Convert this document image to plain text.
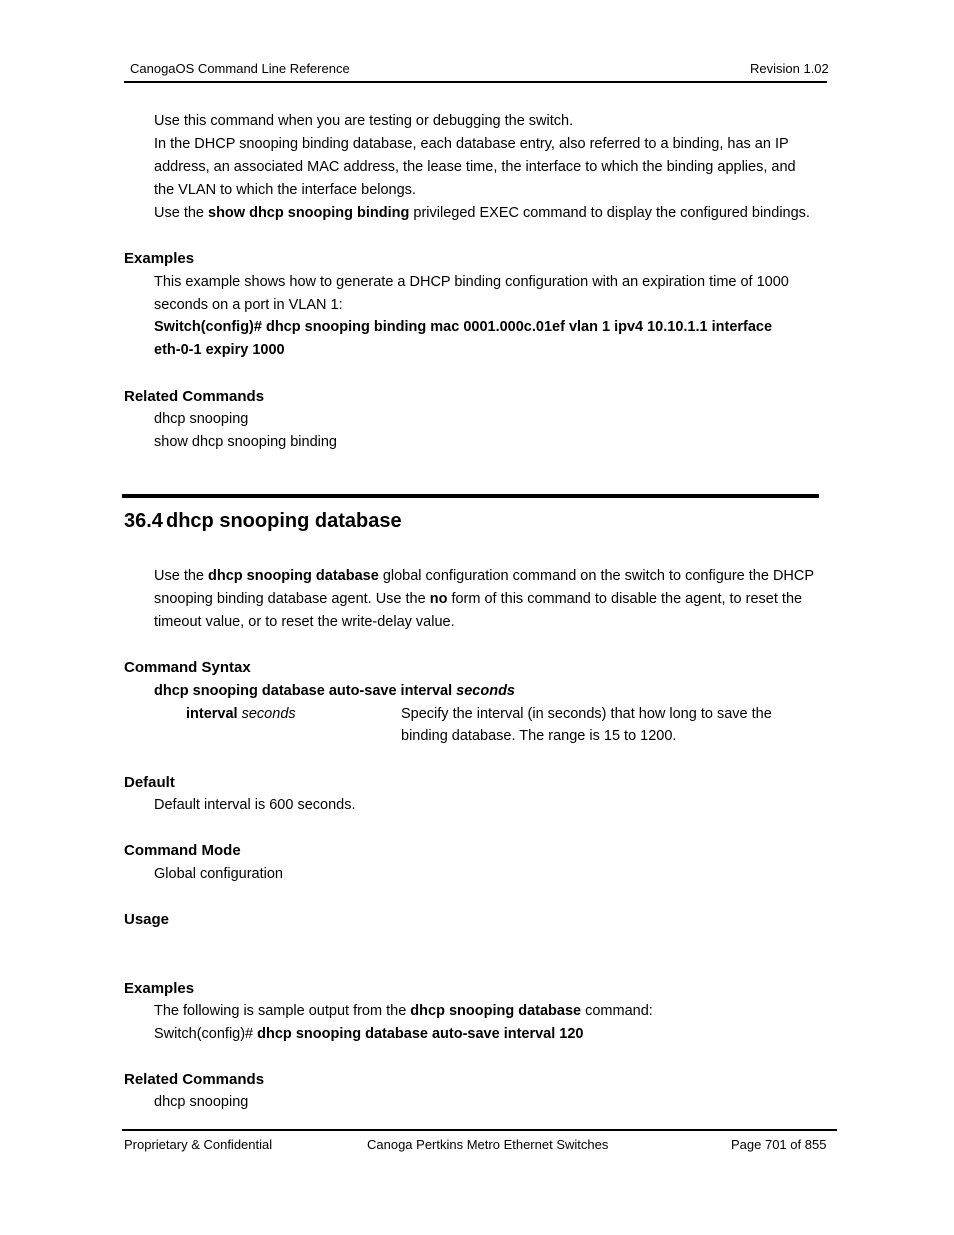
CanogaOS Command Line Reference	Revision 1.02
Use this command when you are testing or debugging the switch.
In the DHCP snooping binding database, each database entry, also referred to a binding, has an IP
address, an associated MAC address, the lease time, the interface to which the binding applies, and
the VLAN to which the interface belongs.
Use the show dhcp snooping binding privileged EXEC command to display the configured bindings.
Examples
This example shows how to generate a DHCP binding configuration with an expiration time of 1000
seconds on a port in VLAN 1:
Switch(config)# dhcp snooping binding mac 0001.000c.01ef vlan 1 ipv4 10.10.1.1 interface
eth-0-1 expiry 1000
Related Commands
dhcp snooping
show dhcp snooping binding
36.4 dhcp snooping database
Use the dhcp snooping database global configuration command on the switch to configure the DHCP
snooping binding database agent. Use the no form of this command to disable the agent, to reset the
timeout value, or to reset the write-delay value.
Command Syntax
dhcp snooping database auto-save interval seconds
interval seconds	Specify the interval (in seconds) that how long to save the
binding database. The range is 15 to 1200.
Default
Default interval is 600 seconds.
Command Mode
Global configuration
Usage
Examples
The following is sample output from the dhcp snooping database command:
Switch(config)# dhcp snooping database auto-save interval 120
Related Commands
dhcp snooping
Proprietary & Confidential	Canoga Pertkins Metro Ethernet Switches	Page 701 of 855
